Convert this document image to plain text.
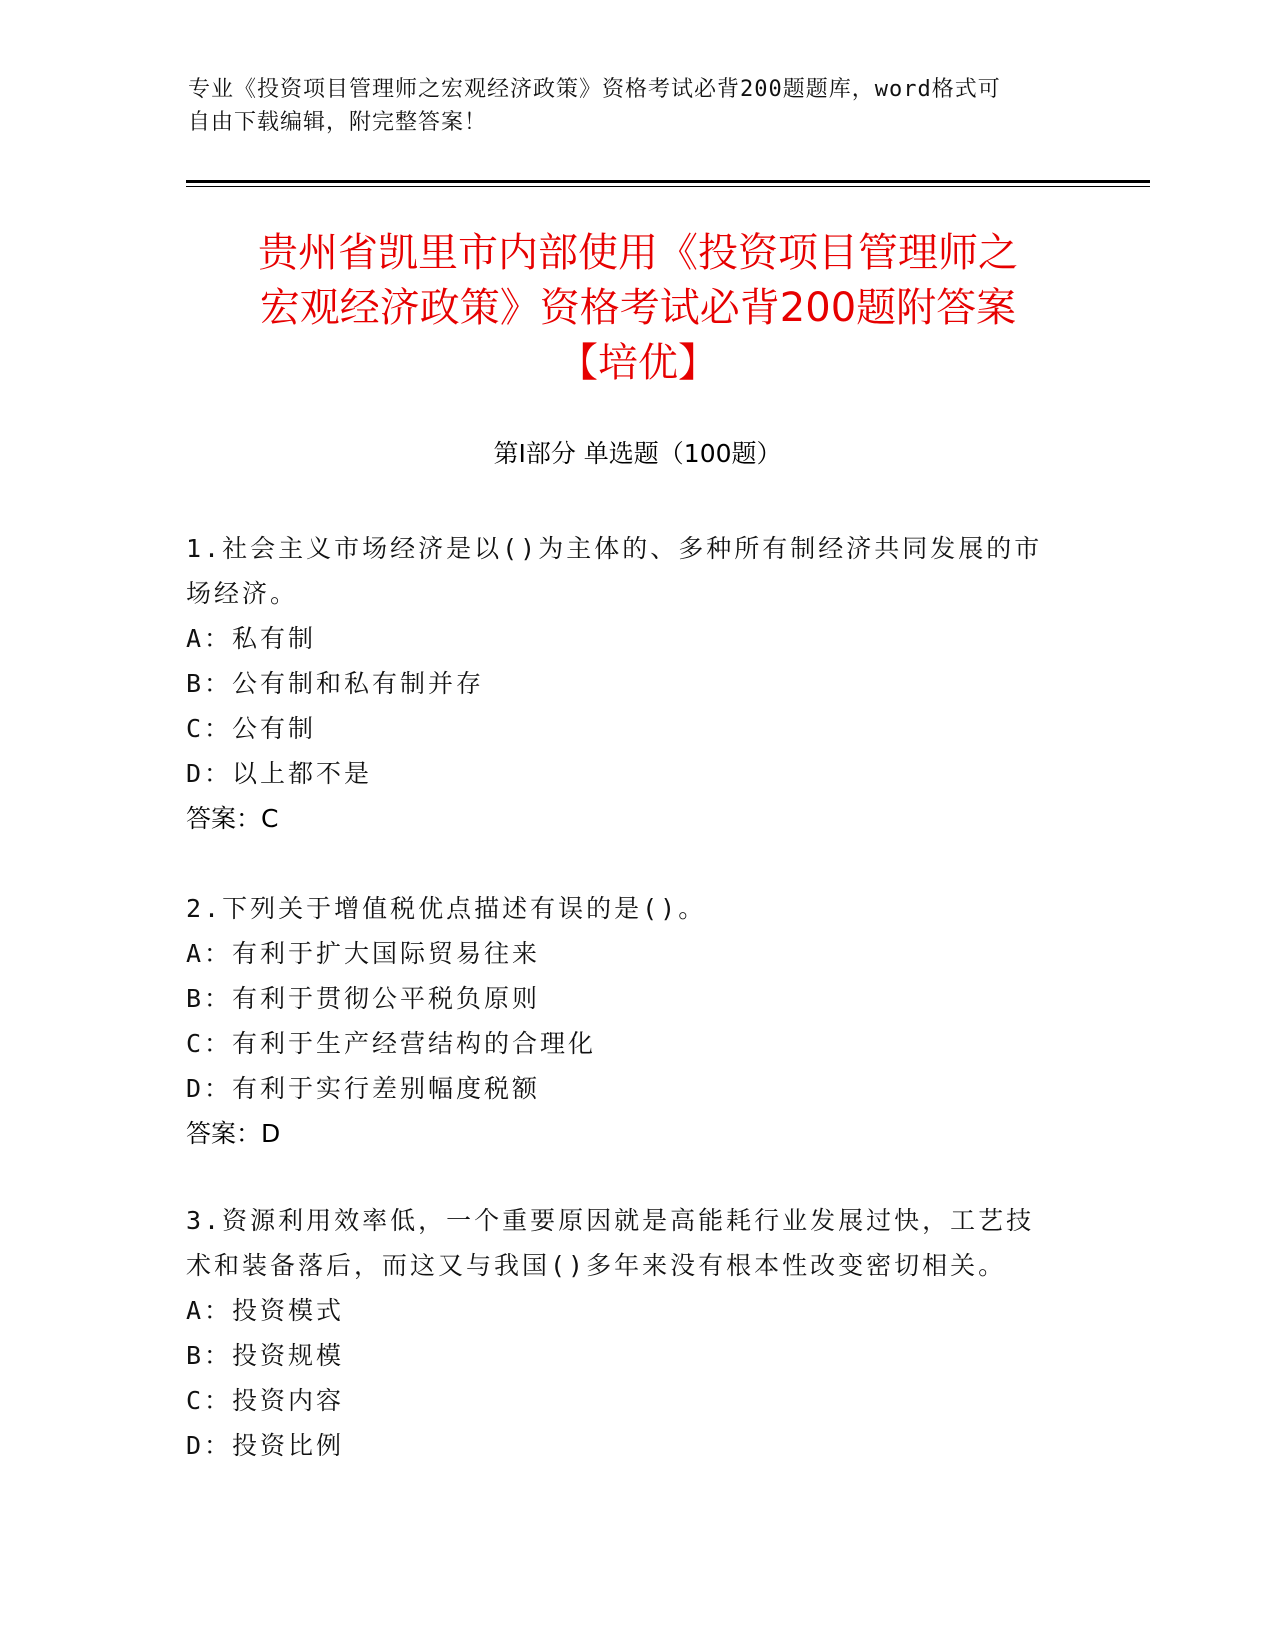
专业《投资项目管理师之宏观经济政策》资格考试必背200题题库，word格式可
自由下载编辑，附完整答案！
贵州省凯里市内部使用《投资项目管理师之
宏观经济政策》资格考试必背200题附答案
【培优】
第Ⅰ部分 单选题（100题）

1.社会主义市场经济是以()为主体的、多种所有制经济共同发展的市

场经济。

A：私有制

B：公有制和私有制并存

C：公有制

D：以上都不是

答案：C

2.下列关于增值税优点描述有误的是()。

A：有利于扩大国际贸易往来

B：有利于贯彻公平税负原则

C：有利于生产经营结构的合理化

D：有利于实行差别幅度税额

答案：D

3.资源利用效率低，一个重要原因就是高能耗行业发展过快，工艺技

术和装备落后，而这又与我国()多年来没有根本性改变密切相关。

A：投资模式

B：投资规模

C：投资内容

D：投资比例
